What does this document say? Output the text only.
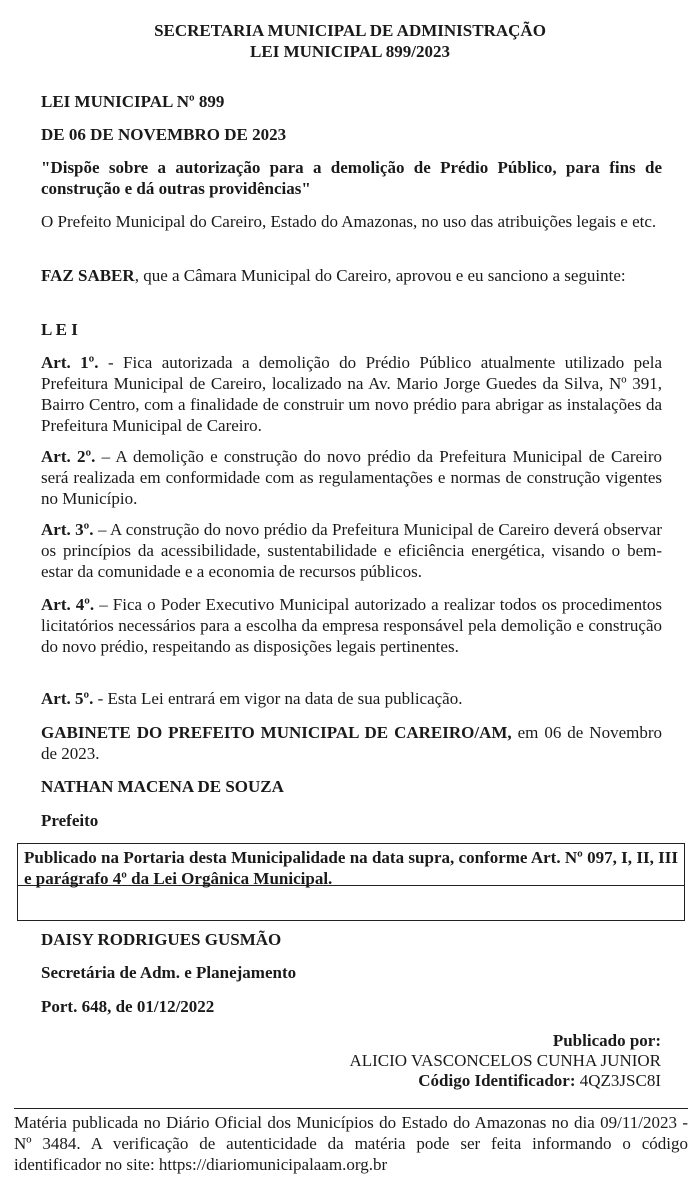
SECRETARIA MUNICIPAL DE ADMINISTRAÇÃO
LEI MUNICIPAL 899/2023
LEI MUNICIPAL Nº 899
DE 06 DE NOVEMBRO DE 2023
"Dispõe sobre a autorização para a demolição de Prédio Público, para fins de construção e dá outras providências"
O Prefeito Municipal do Careiro, Estado do Amazonas, no uso das atribuições legais e etc.
FAZ SABER, que a Câmara Municipal do Careiro, aprovou e eu sanciono a seguinte:
L E I
Art. 1º. - Fica autorizada a demolição do Prédio Público atualmente utilizado pela Prefeitura Municipal de Careiro, localizado na Av. Mario Jorge Guedes da Silva, Nº 391, Bairro Centro, com a finalidade de construir um novo prédio para abrigar as instalações da Prefeitura Municipal de Careiro.
Art. 2º. – A demolição e construção do novo prédio da Prefeitura Municipal de Careiro será realizada em conformidade com as regulamentações e normas de construção vigentes no Município.
Art. 3º. – A construção do novo prédio da Prefeitura Municipal de Careiro deverá observar os princípios da acessibilidade, sustentabilidade e eficiência energética, visando o bem-estar da comunidade e a economia de recursos públicos.
Art. 4º. – Fica o Poder Executivo Municipal autorizado a realizar todos os procedimentos licitatórios necessários para a escolha da empresa responsável pela demolição e construção do novo prédio, respeitando as disposições legais pertinentes.
Art. 5º. - Esta Lei entrará em vigor na data de sua publicação.
GABINETE DO PREFEITO MUNICIPAL DE CAREIRO/AM, em 06 de Novembro de 2023.
NATHAN MACENA DE SOUZA
Prefeito
Publicado na Portaria desta Municipalidade na data supra, conforme Art. Nº 097, I, II, III e parágrafo 4º da Lei Orgânica Municipal.
DAISY RODRIGUES GUSMÃO
Secretária de Adm. e Planejamento
Port. 648, de 01/12/2022
Publicado por:
ALICIO VASCONCELOS CUNHA JUNIOR
Código Identificador: 4QZ3JSC8I
Matéria publicada no Diário Oficial dos Municípios do Estado do Amazonas no dia 09/11/2023 - Nº 3484. A verificação de autenticidade da matéria pode ser feita informando o código identificador no site: https://diariomunicipalaam.org.br
